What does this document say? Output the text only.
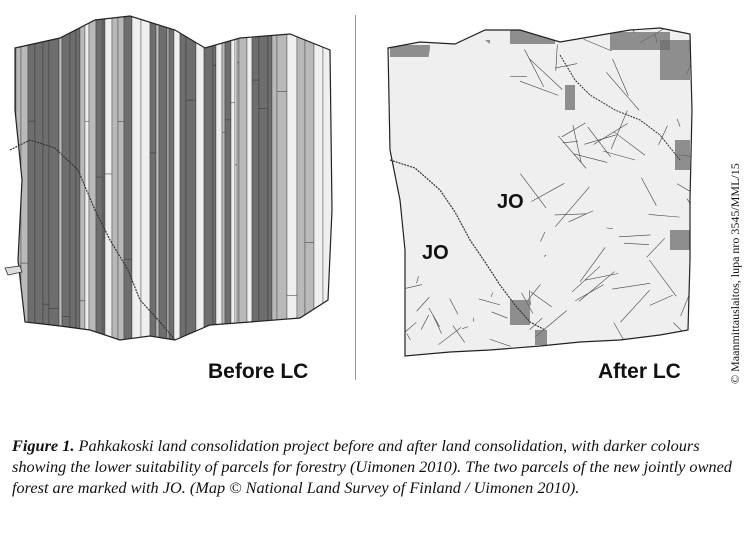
Before LC	After LC
JO
JO	© Maanmittauslaitos, lupa nro 3545/MML/15
Figure 1. Pahkakoski land consolidation project before and after land consolidation, with darker colours showing the lower suitability of parcels for forestry (Uimonen 2010). The two parcels of the new jointly owned forest are marked with JO. (Map © National Land Survey of Finland / Uimonen 2010).
